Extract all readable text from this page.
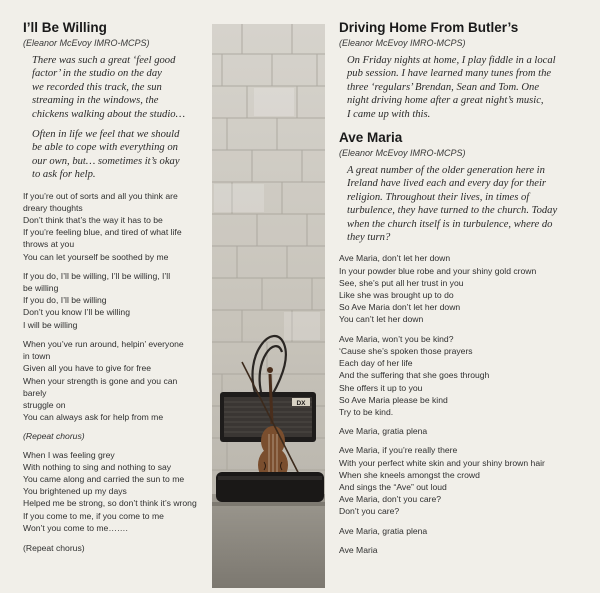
I’ll Be Willing
(Eleanor McEvoy IMRO-MCPS)

There was such a great ‘feel good
factor’ in the studio on the day
we recorded this track, the sun
streaming in the windows, the
chickens walking about the studio…

Often in life we feel that we should
be able to cope with everything on
our own, but… sometimes it’s okay
to ask for help.

If you’re out of sorts and all you think are
dreary thoughts
Don’t think that’s the way it has to be
If you’re feeling blue, and tired of what life
throws at you
You can let yourself be soothed by me

If you do, I’ll be willing, I’ll be willing, I’ll
be willing
If you do, I’ll be willing
Don’t you know I’ll be willing
I will be willing

When you’ve run around, helpin’ everyone
in town
Given all you have to give for free
When your strength is gone and you can barely
struggle on
You can always ask for help from me

(Repeat chorus)

When I was feeling grey
With nothing to sing and nothing to say
You came along and carried the sun to me
You brightened up my days
Helped me be strong, so don’t think it’s wrong
If you come to me, if you come to me
Won’t you come to me…….

(Repeat chorus)

DX
Driving Home From Butler’s
(Eleanor McEvoy IMRO-MCPS)

On Friday nights at home, I play fiddle in a local
pub session. I have learned many tunes from the
three ‘regulars’ Brendan, Sean and Tom. One
night driving home after a great night’s music,
I came up with this.

Ave Maria
(Eleanor McEvoy IMRO-MCPS)

A great number of the older generation here in
Ireland have lived each and every day for their
religion. Throughout their lives, in times of
turbulence, they have turned to the church. Today
when the church itself is in turbulence, where do
they turn?

Ave Maria, don’t let her down
In your powder blue robe and your shiny gold crown
See, she’s put all her trust in you
Like she was brought up to do
So Ave Maria don’t let her down
You can’t let her down

Ave Maria, won’t you be kind?
‘Cause she’s spoken those prayers
Each day of her life
And the suffering that she goes through
She offers it up to you
So Ave Maria please be kind
Try to be kind.

Ave Maria, gratia plena

Ave Maria, if you’re really there
With your perfect white skin and your shiny brown hair
When she kneels amongst the crowd
And sings the “Ave” out loud
Ave Maria, don’t you care?
Don’t you care?

Ave Maria, gratia plena

Ave Maria
